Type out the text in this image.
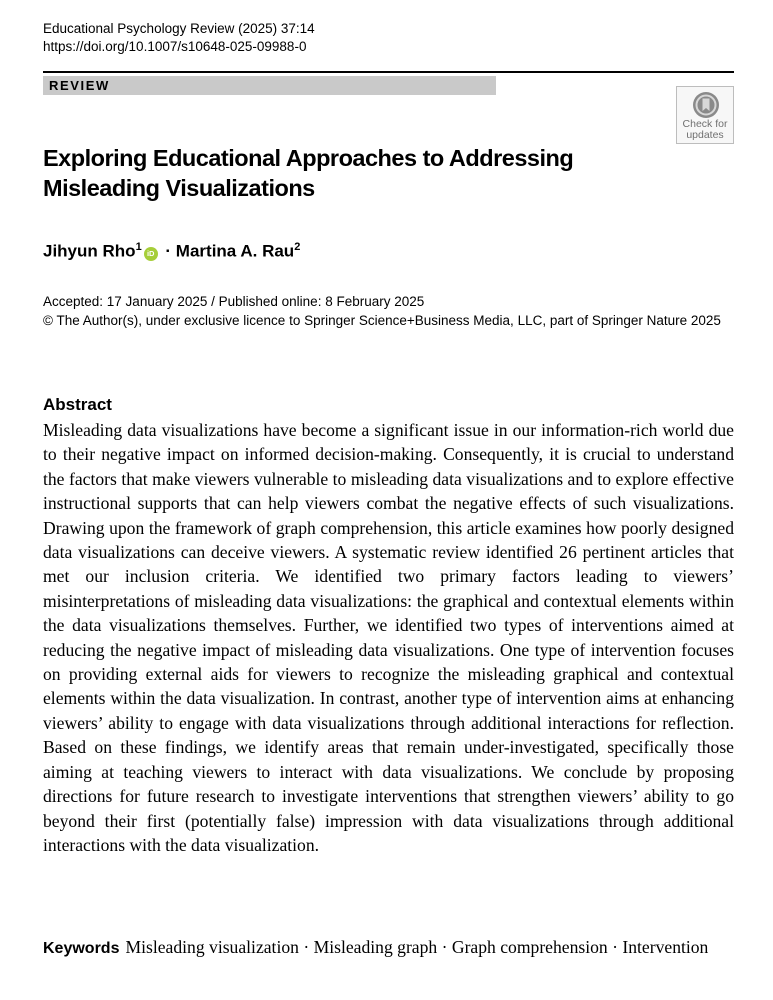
Educational Psychology Review (2025) 37:14
https://doi.org/10.1007/s10648-025-09988-0
REVIEW
Check for
updates
Exploring Educational Approaches to Addressing Misleading Visualizations
Jihyun Rho$^1$iD · Martina A. Rau$^2$
Accepted: 17 January 2025 / Published online: 8 February 2025
© The Author(s), under exclusive licence to Springer Science+Business Media, LLC, part of Springer Nature 2025
Abstract
Misleading data visualizations have become a significant issue in our information-rich world due to their negative impact on informed decision-making. Consequently, it is crucial to understand the factors that make viewers vulnerable to misleading data visualizations and to explore effective instructional supports that can help viewers combat the negative effects of such visualizations. Drawing upon the framework of graph comprehension, this article examines how poorly designed data visualizations can deceive viewers. A systematic review identified 26 pertinent articles that met our inclusion criteria. We identified two primary factors leading to viewers’ misinterpretations of misleading data visualizations: the graphical and contextual elements within the data visualizations themselves. Further, we identified two types of interventions aimed at reducing the negative impact of misleading data visualizations. One type of intervention focuses on providing external aids for viewers to recognize the misleading graphical and contextual elements within the data visualization. In contrast, another type of intervention aims at enhancing viewers’ ability to engage with data visualizations through additional interactions for reflection. Based on these findings, we identify areas that remain under-investigated, specifically those aiming at teaching viewers to interact with data visualizations. We conclude by proposing directions for future research to investigate interventions that strengthen viewers’ ability to go beyond their first (potentially false) impression with data visualizations through additional interactions with the data visualization.
Keywords Misleading visualization · Misleading graph · Graph comprehension · Intervention
